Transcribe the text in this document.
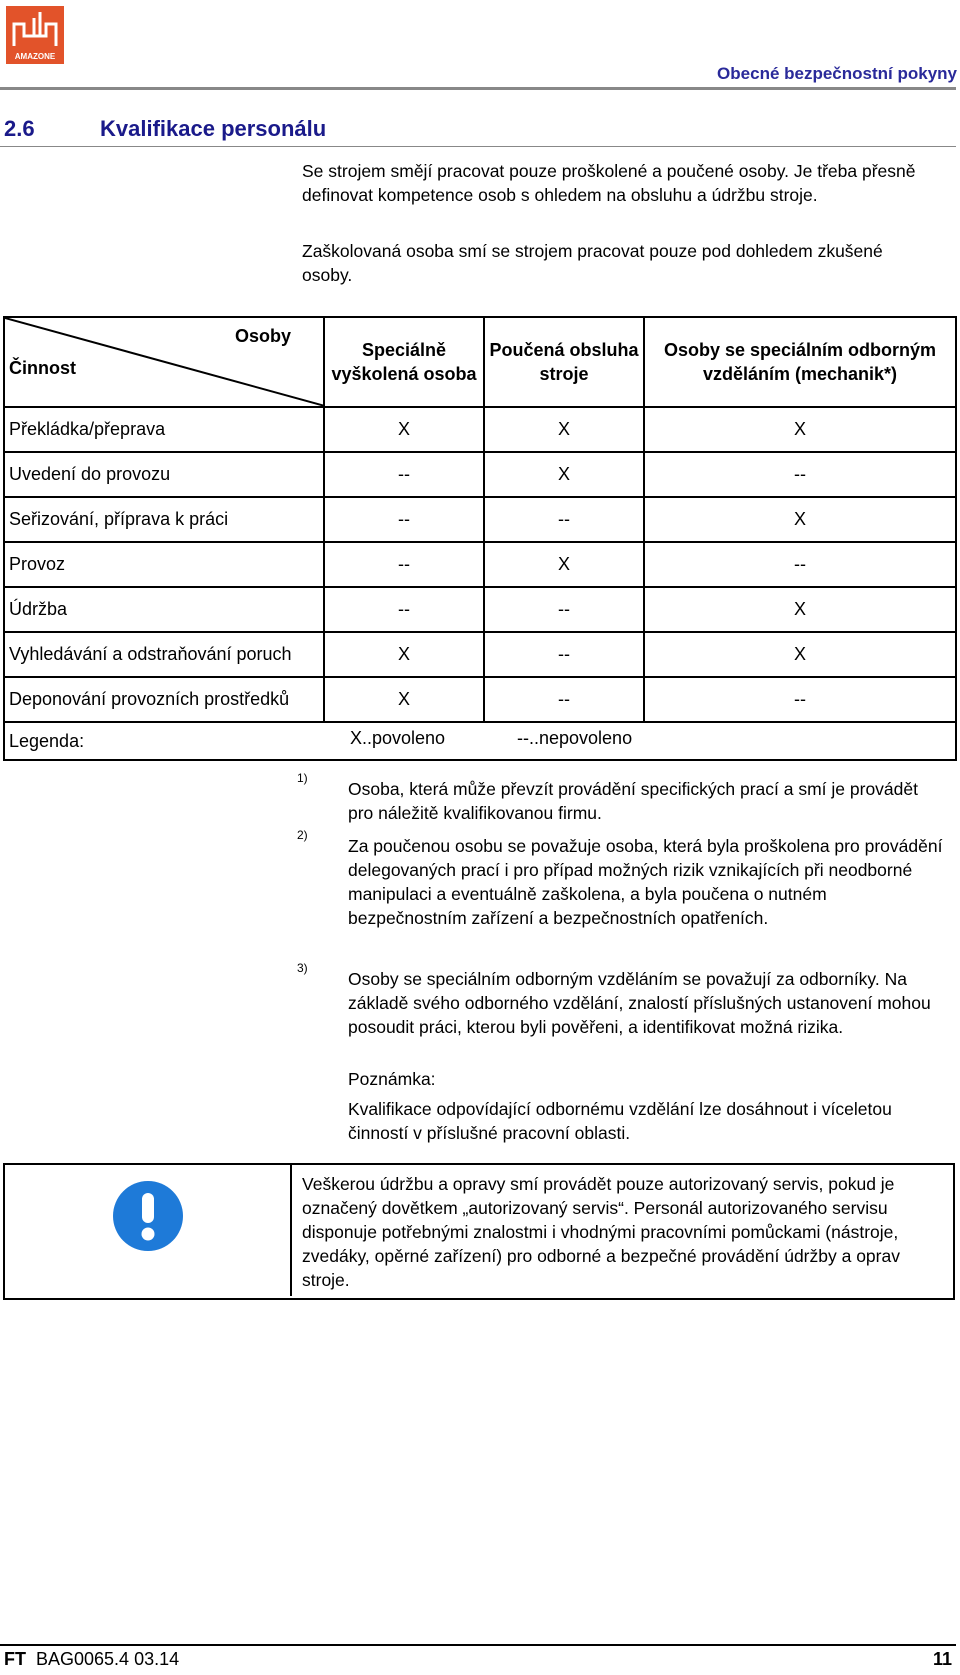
AMAZONE
Obecné bezpečnostní pokyny
2.6	Kvalifikace personálu
Se strojem smějí pracovat pouze proškolené a poučené osoby. Je třeba přesně definovat kompetence osob s ohledem na obsluhu a údržbu stroje.
Zaškolovaná osoba smí se strojem pracovat pouze pod dohledem zkušené osoby.
Osoby
Činnost	Speciálně vyškolená osoba	Poučená obsluha stroje	Osoby se speciálním odborným vzděláním (mechanik*)
Překládka/přeprava	X	X	X
Uvedení do provozu	--	X	--
Seřizování, příprava k práci	--	--	X
Provoz	--	X	--
Údržba	--	--	X
Vyhledávání a odstraňování poruch	X	--	X
Deponování provozních prostředků	X	--	--
Legenda: X..povoleno --..nepovoleno			
1)
Osoba, která může převzít provádění specifických prací a smí je provádět pro náležitě kvalifikovanou firmu.
2)
Za poučenou osobu se považuje osoba, která byla proškolena pro provádění delegovaných prací i pro případ možných rizik vznikajících při neodborné manipulaci a eventuálně zaškolena, a byla poučena o nutném bezpečnostním zařízení a bezpečnostních opatřeních.
3)
Osoby se speciálním odborným vzděláním se považují za odborníky. Na základě svého odborného vzdělání, znalostí příslušných ustanovení mohou posoudit práci, kterou byli pověřeni, a identifikovat možná rizika.
Poznámka:
Kvalifikace odpovídající odbornému vzdělání lze dosáhnout i víceletou činností v příslušné pracovní oblasti.
Veškerou údržbu a opravy smí provádět pouze autorizovaný servis, pokud je označený dovětkem „autorizovaný servis“. Personál autorizovaného servisu disponuje potřebnými znalostmi i vhodnými pracovními pomůckami (nástroje, zvedáky, opěrné zařízení) pro odborné a bezpečné provádění údržby a oprav stroje.
FT BAG0065.4 03.14	11
